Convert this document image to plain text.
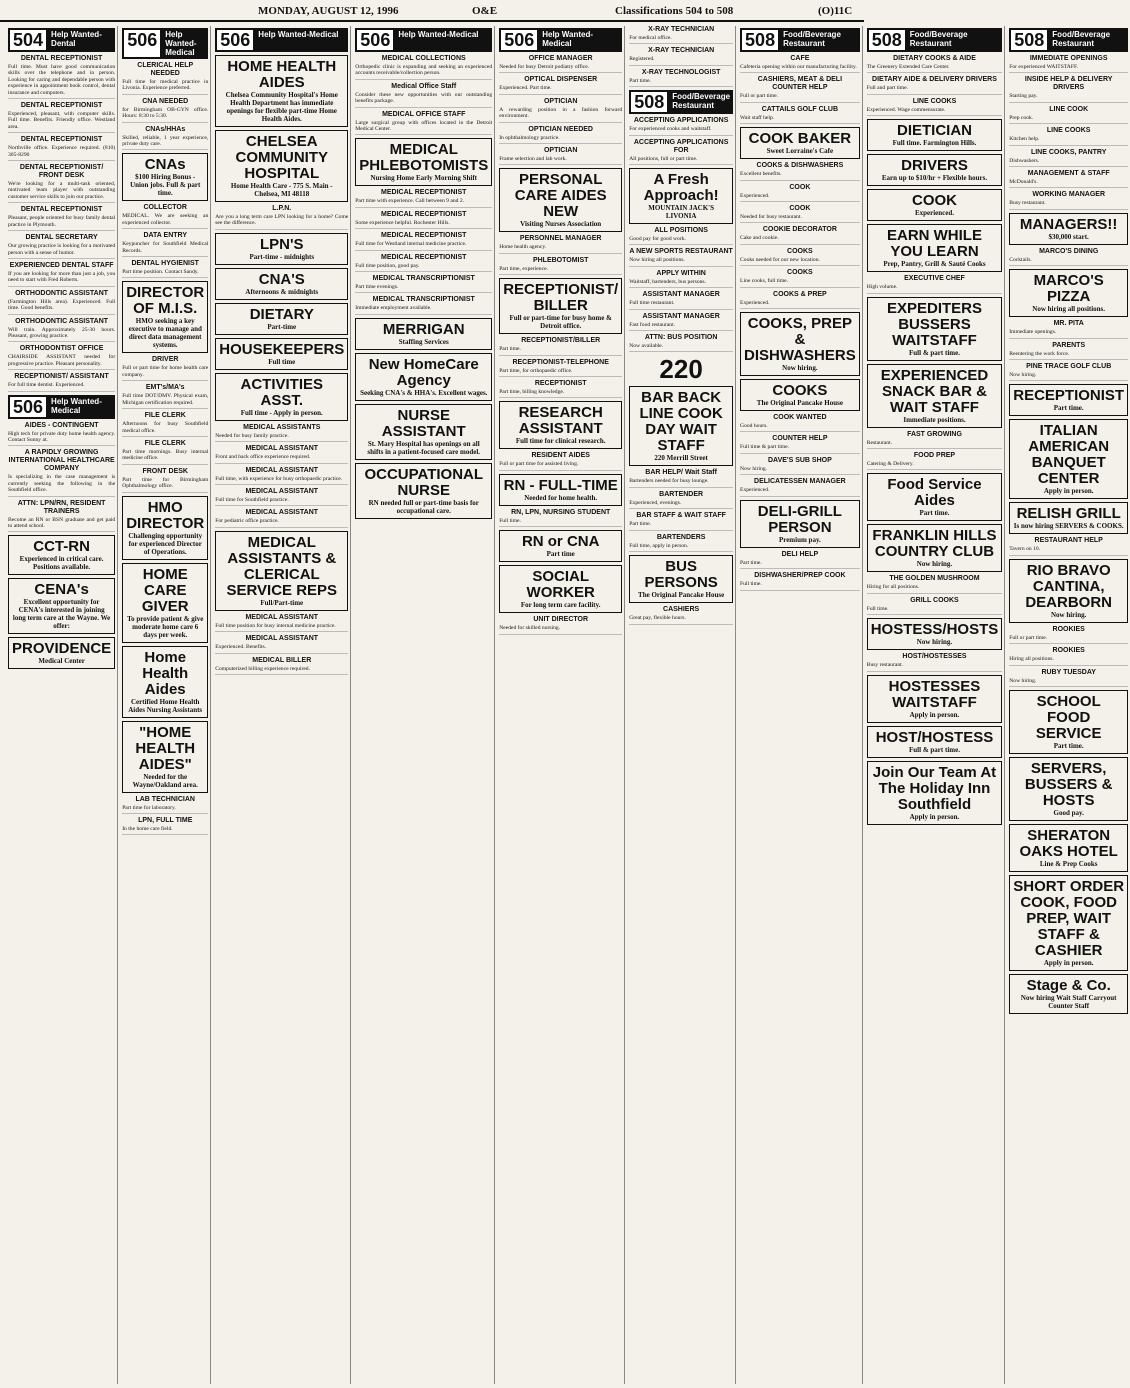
MONDAY, AUGUST 12, 1996	O&E	Classifications 504 to 508	(O)11C
504	Help Wanted-Dental
DENTAL RECEPTIONIST
Full time. Must have good communication skills over the telephone and in person. Looking for caring and dependable person with experience in appointment book control, dental insurance and computers.
DENTAL RECEPTIONIST
Experienced, pleasant, with computer skills. Full time. Benefits. Friendly office. Westland area.
DENTAL RECEPTIONIST
Northville office. Experience required. (810) 305-8290
DENTAL RECEPTIONIST/ FRONT DESK
We're looking for a multi-task oriented, motivated team player with outstanding customer service skills to join our practice.
DENTAL RECEPTIONIST
Pleasant, people oriented for busy family dental practice in Plymouth.
DENTAL SECRETARY
Our growing practice is looking for a motivated person with a sense of humor.
EXPERIENCED DENTAL STAFF
If you are looking for more than just a job, you need to start with Fred Roberts.
ORTHODONTIC ASSISTANT
(Farmington Hills area). Experienced. Full time. Good benefits.
ORTHODONTIC ASSISTANT
Will train. Approximately 25-30 hours. Pleasant, growing practice.
ORTHODONTIST OFFICE
CHAIRSIDE ASSISTANT needed for progressive practice. Pleasant personality.
RECEPTIONIST/ ASSISTANT
For full time dentist. Experienced.
506	Help Wanted-Medical
AIDES - CONTINGENT
High tech for private duty home health agency. Contact Sunny at.
A RAPIDLY GROWING INTERNATIONAL HEALTHCARE COMPANY
Is specializing in the case management is currently seeking the following in the Southfield office.
ATTN: LPN/RN, RESIDENT TRAINERS
Become an RN or BSN graduate and get paid to attend school.
CCT-RN
Experienced in critical care. Positions available.
CENA's
Excellent opportunity for CENA's interested in joining long term care at the Wayne. We offer:
PROVIDENCE
Medical Center
506	Help Wanted-Medical
CLERICAL HELP NEEDED
Full time for medical practice in Livonia. Experience preferred.
CNA NEEDED
for Birmingham OB-GYN office. Hours: 8:30 to 5:30.
CNAs/HHAs
Skilled, reliable, 1 year experience, private duty care.
CNAs
$100 Hiring Bonus - Union jobs. Full & part time.
COLLECTOR
MEDICAL. We are seeking an experienced collector.
DATA ENTRY
Keypuncher for Southfield Medical Records.
DENTAL HYGIENIST
Part time position. Contact Sandy.
DIRECTOR OF M.I.S.
HMO seeking a key executive to manage and direct data management systems.
DRIVER
Full or part time for home health care company.
EMT's/MA's
Full time DOT/DMV. Physical exam, Michigan certification required.
FILE CLERK
Afternoons for busy Southfield medical office.
FILE CLERK
Part time mornings. Busy internal medicine office.
FRONT DESK
Part time for Birmingham Ophthalmology office.
HMO DIRECTOR
Challenging opportunity for experienced Director of Operations.
HOME CARE GIVER
To provide patient & give moderate home care 6 days per week.
Home Health Aides
Certified Home Health Aides Nursing Assistants
"HOME HEALTH AIDES"
Needed for the Wayne/Oakland area.
LAB TECHNICIAN
Part time for laboratory.
LPN, FULL TIME
In the home care field.
506	Help Wanted-Medical
HOME HEALTH AIDES
Chelsea Community Hospital's Home Health Department has immediate openings for flexible part-time Home Health Aides.
CHELSEA COMMUNITY HOSPITAL
Home Health Care - 775 S. Main - Chelsea, MI 48118
L.P.N.
Are you a long term care LPN looking for a home? Come see the difference.
LPN'S
Part-time - midnights
CNA'S
Afternoons & midnights
DIETARY
Part-time
HOUSEKEEPERS
Full time
ACTIVITIES ASST.
Full time - Apply in person.
MEDICAL ASSISTANTS
Needed for busy family practice.
MEDICAL ASSISTANT
Front and back office experience required.
MEDICAL ASSISTANT
Full time, with experience for busy orthopaedic practice.
MEDICAL ASSISTANT
Full time for Southfield practice.
MEDICAL ASSISTANT
For pediatric office practice.
MEDICAL ASSISTANTS & CLERICAL SERVICE REPS
Full/Part-time
MEDICAL ASSISTANT
Full time position for busy internal medicine practice.
MEDICAL ASSISTANT
Experienced. Benefits.
MEDICAL BILLER
Computerized billing experience required.
506	Help Wanted-Medical
MEDICAL COLLECTIONS
Orthopedic clinic is expanding and seeking an experienced accounts receivable/collection person.
Medical Office Staff
Consider these new opportunities with our outstanding benefits package.
MEDICAL OFFICE STAFF
Large surgical group with offices located in the Detroit Medical Center.
MEDICAL PHLEBOTOMISTS
Nursing Home Early Morning Shift
MEDICAL RECEPTIONIST
Part time with experience. Call between 9 and 2.
MEDICAL RECEPTIONIST
Some experience helpful. Rochester Hills.
MEDICAL RECEPTIONIST
Full time for Westland internal medicine practice.
MEDICAL RECEPTIONIST
Full time position, good pay.
MEDICAL TRANSCRIPTIONIST
Part time evenings.
MEDICAL TRANSCRIPTIONIST
Immediate employment available.
MERRIGAN
Staffing Services
New HomeCare Agency
Seeking CNA's & HHA's. Excellent wages.
NURSE ASSISTANT
St. Mary Hospital has openings on all shifts in a patient-focused care model.
OCCUPATIONAL NURSE
RN needed full or part-time basis for occupational care.
506	Help Wanted-Medical
OFFICE MANAGER
Needed for busy Detroit podiatry office.
OPTICAL DISPENSER
Experienced. Part time.
OPTICIAN
A rewarding position in a fashion forward environment.
OPTICIAN NEEDED
In ophthalmology practice.
OPTICIAN
Frame selection and lab work.
PERSONAL CARE AIDES NEW
Visiting Nurses Association
PERSONNEL MANAGER
Home health agency.
PHLEBOTOMIST
Part time, experience.
RECEPTIONIST/ BILLER
Full or part-time for busy home & Detroit office.
RECEPTIONIST/BILLER
Part time.
RECEPTIONIST-TELEPHONE
Part time, for orthopaedic office.
RECEPTIONIST
Part time, billing knowledge.
RESEARCH ASSISTANT
Full time for clinical research.
RESIDENT AIDES
Full or part time for assisted living.
RN - FULL-TIME
Needed for home health.
RN, LPN, NURSING STUDENT
Full time.
RN or CNA
Part time
SOCIAL WORKER
For long term care facility.
UNIT DIRECTOR
Needed for skilled nursing.
X-RAY TECHNICIAN
For medical office.
X-RAY TECHNICIAN
Registered.
X-RAY TECHNOLOGIST
Part time.
508	Food/Beverage Restaurant
ACCEPTING APPLICATIONS
For experienced cooks and waitstaff.
ACCEPTING APPLICATIONS FOR
All positions, full or part time.
A Fresh Approach!
MOUNTAIN JACK'S LIVONIA
ALL POSITIONS
Good pay for good work.
A NEW SPORTS RESTAURANT
Now hiring all positions.
APPLY WITHIN
Waitstaff, bartenders, bus persons.
ASSISTANT MANAGER
Full time restaurant.
ASSISTANT MANAGER
Fast food restaurant.
ATTN: BUS POSITION
Now available.
220
BAR BACK LINE COOK DAY WAIT STAFF
220 Merrill Street
BAR HELP/ Wait Staff
Bartenders needed for busy lounge.
BARTENDER
Experienced, evenings.
BAR STAFF & WAIT STAFF
Part time.
BARTENDERS
Full time, apply in person.
BUS PERSONS
The Original Pancake House
CASHIERS
Great pay, flexible hours.
508	Food/Beverage Restaurant
CAFE
Cafeteria opening within our manufacturing facility.
CASHIERS, MEAT & DELI COUNTER HELP
Full or part time.
CATTAILS GOLF CLUB
Wait staff help.
COOK BAKER
Sweet Lorraine's Cafe
COOKS & DISHWASHERS
Excellent benefits.
COOK
Experienced.
COOK
Needed for busy restaurant.
COOKIE DECORATOR
Cake and cookie.
COOKS
Cooks needed for our new location.
COOKS
Line cooks, full time.
COOKS & PREP
Experienced.
COOKS, PREP & DISHWASHERS
Now hiring.
COOKS
The Original Pancake House
COOK WANTED
Good hours.
COUNTER HELP
Full time & part time.
DAVE'S SUB SHOP
Now hiring.
DELICATESSEN MANAGER
Experienced.
DELI-GRILL PERSON
Premium pay.
DELI HELP
Part time.
DISHWASHER/PREP COOK
Full time.
508	Food/Beverage Restaurant
DIETARY COOKS & AIDE
The Greenery Extended Care Center.
DIETARY AIDE & DELIVERY DRIVERS
Full and part time.
LINE COOKS
Experienced. Wage commensurate.
DIETICIAN
Full time. Farmington Hills.
DRIVERS
Earn up to $10/hr + Flexible hours.
COOK
Experienced.
EARN WHILE YOU LEARN
Prep, Pantry, Grill & Sauté Cooks
EXECUTIVE CHEF
High volume.
EXPEDITERS BUSSERS WAITSTAFF
Full & part time.
EXPERIENCED SNACK BAR & WAIT STAFF
Immediate positions.
FAST GROWING
Restaurant.
FOOD PREP
Catering & Delivery.
Food Service Aides
Part time.
FRANKLIN HILLS COUNTRY CLUB
Now hiring.
THE GOLDEN MUSHROOM
Hiring for all positions.
GRILL COOKS
Full time.
HOSTESS/HOSTS
Now hiring.
HOST/HOSTESSES
Busy restaurant.
HOSTESSES WAITSTAFF
Apply in person.
HOST/HOSTESS
Full & part time.
Join Our Team At The Holiday Inn Southfield
Apply in person.
508	Food/Beverage Restaurant
IMMEDIATE OPENINGS
For experienced WAITSTAFF.
INSIDE HELP & DELIVERY DRIVERS
Starting pay.
LINE COOK
Prep cook.
LINE COOKS
Kitchen help.
LINE COOKS, PANTRY
Dishwashers.
MANAGEMENT & STAFF
McDonald's.
WORKING MANAGER
Busy restaurant.
MANAGERS!!
$30,000 start.
MARCO'S DINING
Cocktails.
MARCO'S PIZZA
Now hiring all positions.
MR. PITA
Immediate openings.
PARENTS
Reentering the work force.
PINE TRACE GOLF CLUB
Now hiring.
RECEPTIONIST
Part time.
ITALIAN AMERICAN BANQUET CENTER
Apply in person.
RELISH GRILL
Is now hiring SERVERS & COOKS.
RESTAURANT HELP
Tavern on 10.
RIO BRAVO CANTINA, DEARBORN
Now hiring.
ROOKIES
Full or part time.
ROOKIES
Hiring all positions.
RUBY TUESDAY
Now hiring.
SCHOOL FOOD SERVICE
Part time.
SERVERS, BUSSERS & HOSTS
Good pay.
SHERATON OAKS HOTEL
Line & Prep Cooks
SHORT ORDER COOK, FOOD PREP, WAIT STAFF & CASHIER
Apply in person.
Stage & Co.
Now hiring Wait Staff Carryout Counter Staff
